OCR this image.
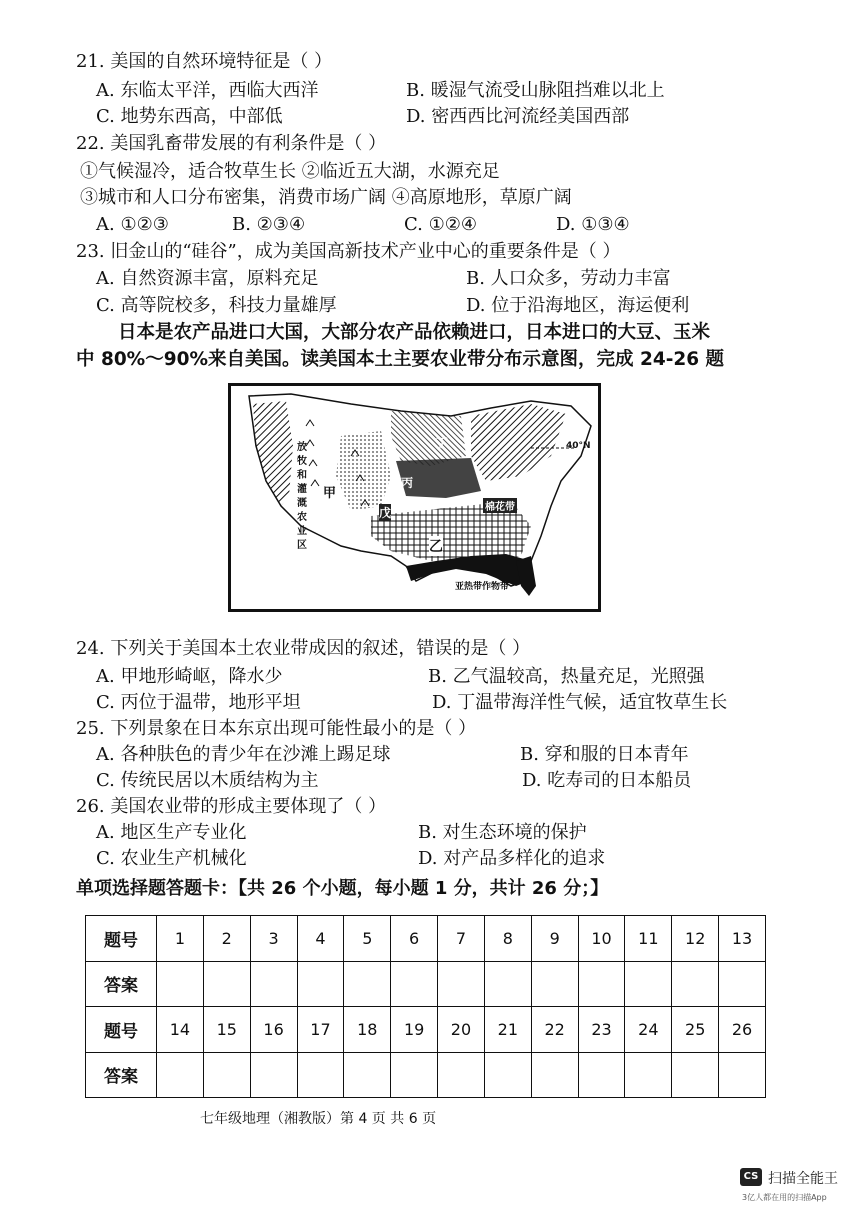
21. 美国的自然环境特征是（ ）
A. 东临太平洋，西临大西洋	B. 暖湿气流受山脉阻挡难以北上
C. 地势东西高，中部低	D. 密西西比河流经美国西部
22. 美国乳畜带发展的有利条件是（ ）
①气候湿冷，适合牧草生长 ②临近五大湖，水源充足
③城市和人口分布密集，消费市场广阔 ④高原地形，草原广阔
A. ①②③	B. ②③④	C. ①②④	D. ①③④
23. 旧金山的“硅谷”，成为美国高新技术产业中心的重要条件是（ ）
A. 自然资源丰富，原料充足	B. 人口众多，劳动力丰富
C. 高等院校多，科技力量雄厚	D. 位于沿海地区，海运便利
日本是农产品进口大国，大部分农产品依赖进口，日本进口的大豆、玉米
中 80%～90%来自美国。读美国本土主要农业带分布示意图，完成 24-26 题
放牧和灌溉农业区
甲
乙
丙
丁
戊	棉花带
亚热带作物带
40°N
24. 下列关于美国本土农业带成因的叙述，错误的是（ ）
A. 甲地形崎岖，降水少	B. 乙气温较高，热量充足，光照强
C. 丙位于温带，地形平坦	D. 丁温带海洋性气候，适宜牧草生长
25. 下列景象在日本东京出现可能性最小的是（ ）
A. 各种肤色的青少年在沙滩上踢足球	B. 穿和服的日本青年
C. 传统民居以木质结构为主	D. 吃寿司的日本船员
26. 美国农业带的形成主要体现了（ ）
A. 地区生产专业化	B. 对生态环境的保护
C. 农业生产机械化	D. 对产品多样化的追求
单项选择题答题卡：【共 26 个小题，每小题 1 分，共计 26 分；】
题号	1	2	3	4	5	6	7	8	9	10	11	12	13
答案													
题号	14	15	16	17	18	19	20	21	22	23	24	25	26
答案													
七年级地理（湘教版）第 4 页 共 6 页
CS 扫描全能王
3亿人都在用的扫描App
